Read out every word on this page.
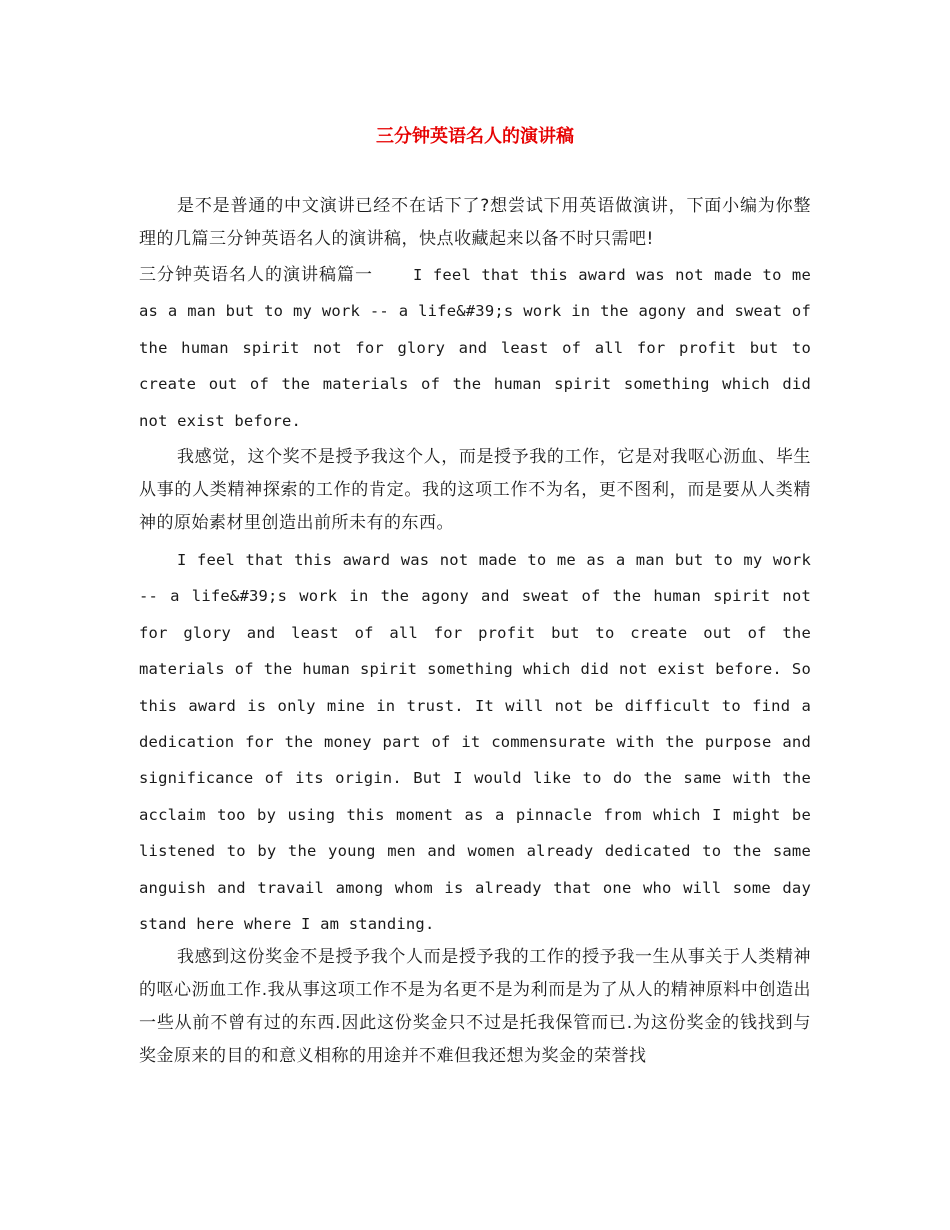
三分钟英语名人的演讲稿

是不是普通的中文演讲已经不在话下了?想尝试下用英语做演讲，下面小编为你整理的几篇三分钟英语名人的演讲稿，快点收藏起来以备不时只需吧!

三分钟英语名人的演讲稿篇一	I feel that this award was not made to me as a man but to my work -- a life&#39;s work in the agony and sweat of the human spirit not for glory and least of all for profit but to create out of the materials of the human spirit something which did not exist before.

我感觉，这个奖不是授予我这个人，而是授予我的工作，它是对我呕心沥血、毕生从事的人类精神探索的工作的肯定。我的这项工作不为名，更不图利，而是要从人类精神的原始素材里创造出前所未有的东西。

I feel that this award was not made to me as a man but to my work -- a life&#39;s work in the agony and sweat of the human spirit not for glory and least of all for profit but to create out of the materials of the human spirit something which did not exist before. So this award is only mine in trust. It will not be difficult to find a dedication for the money part of it commensurate with the purpose and significance of its origin. But I would like to do the same with the acclaim too by using this moment as a pinnacle from which I might be listened to by the young men and women already dedicated to the same anguish and travail among whom is already that one who will some day stand here where I am standing.

我感到这份奖金不是授予我个人而是授予我的工作的授予我一生从事关于人类精神的呕心沥血工作.我从事这项工作不是为名更不是为利而是为了从人的精神原料中创造出一些从前不曾有过的东西.因此这份奖金只不过是托我保管而已.为这份奖金的钱找到与奖金原来的目的和意义相称的用途并不难但我还想为奖金的荣誉找
